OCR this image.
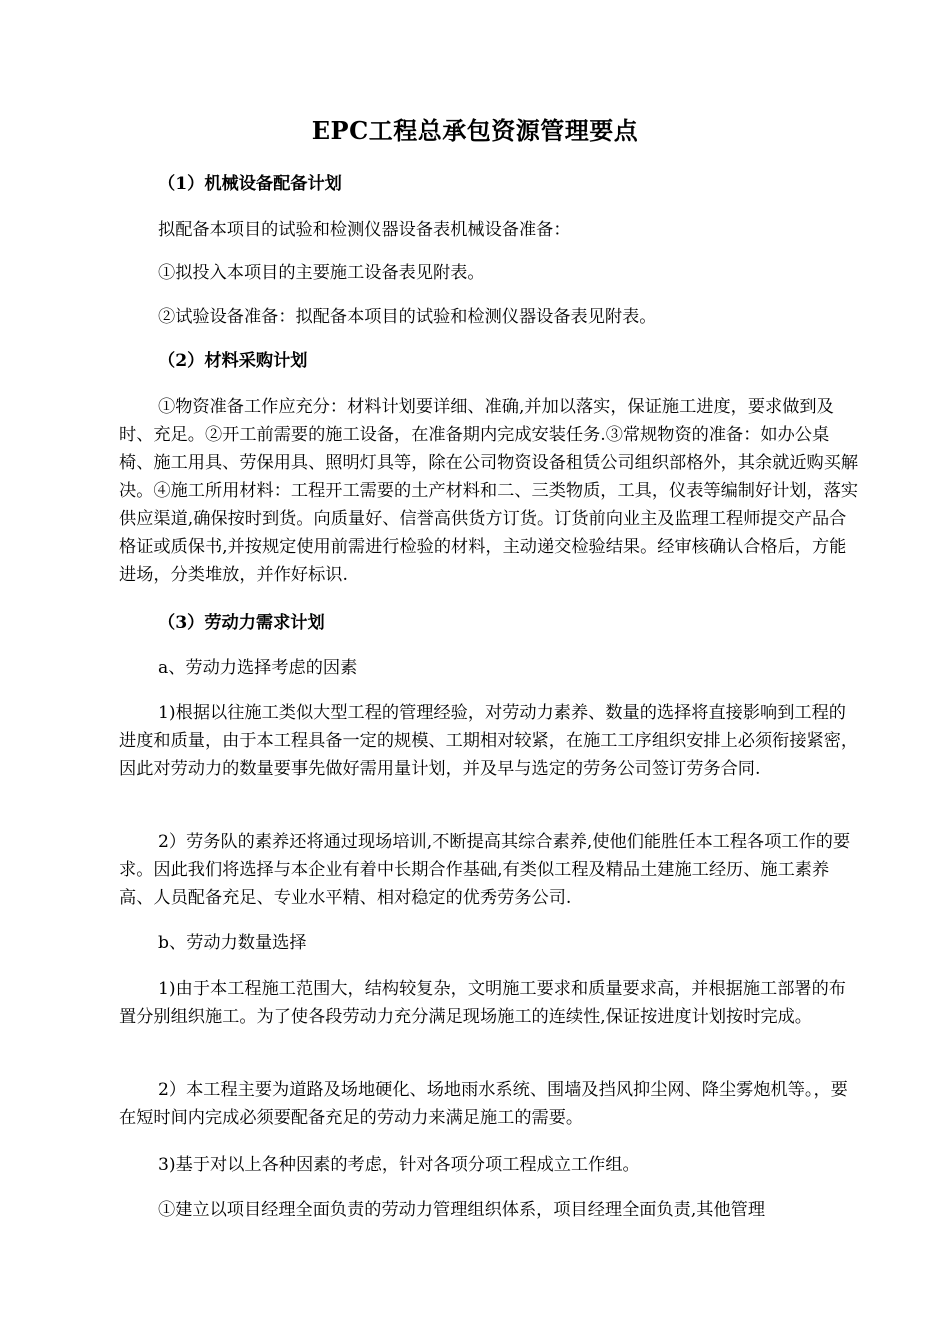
EPC工程总承包资源管理要点

（1）机械设备配备计划

拟配备本项目的试验和检测仪器设备表机械设备准备：

①拟投入本项目的主要施工设备表见附表。

②试验设备准备：拟配备本项目的试验和检测仪器设备表见附表。

（2）材料采购计划

①物资准备工作应充分：材料计划要详细、准确,并加以落实，保证施工进度，要求做到及时、充足。②开工前需要的施工设备，在准备期内完成安装任务.③常规物资的准备：如办公桌椅、施工用具、劳保用具、照明灯具等，除在公司物资设备租赁公司组织部格外，其余就近购买解决。④施工所用材料：工程开工需要的土产材料和二、三类物质，工具，仪表等编制好计划，落实供应渠道,确保按时到货。向质量好、信誉高供货方订货。订货前向业主及监理工程师提交产品合格证或质保书,并按规定使用前需进行检验的材料，主动递交检验结果。经审核确认合格后，方能进场，分类堆放，并作好标识.

（3）劳动力需求计划

a、劳动力选择考虑的因素

1)根据以往施工类似大型工程的管理经验，对劳动力素养、数量的选择将直接影响到工程的进度和质量，由于本工程具备一定的规模、工期相对较紧，在施工工序组织安排上必须衔接紧密，因此对劳动力的数量要事先做好需用量计划，并及早与选定的劳务公司签订劳务合同.

2）劳务队的素养还将通过现场培训,不断提高其综合素养,使他们能胜任本工程各项工作的要求。因此我们将选择与本企业有着中长期合作基础,有类似工程及精品土建施工经历、施工素养高、人员配备充足、专业水平精、相对稳定的优秀劳务公司.

b、劳动力数量选择

1)由于本工程施工范围大，结构较复杂，文明施工要求和质量要求高，并根据施工部署的布置分别组织施工。为了使各段劳动力充分满足现场施工的连续性,保证按进度计划按时完成。

2）本工程主要为道路及场地硬化、场地雨水系统、围墙及挡风抑尘网、降尘雾炮机等。，要在短时间内完成必须要配备充足的劳动力来满足施工的需要。

3)基于对以上各种因素的考虑，针对各项分项工程成立工作组。

①建立以项目经理全面负责的劳动力管理组织体系，项目经理全面负责,其他管理
